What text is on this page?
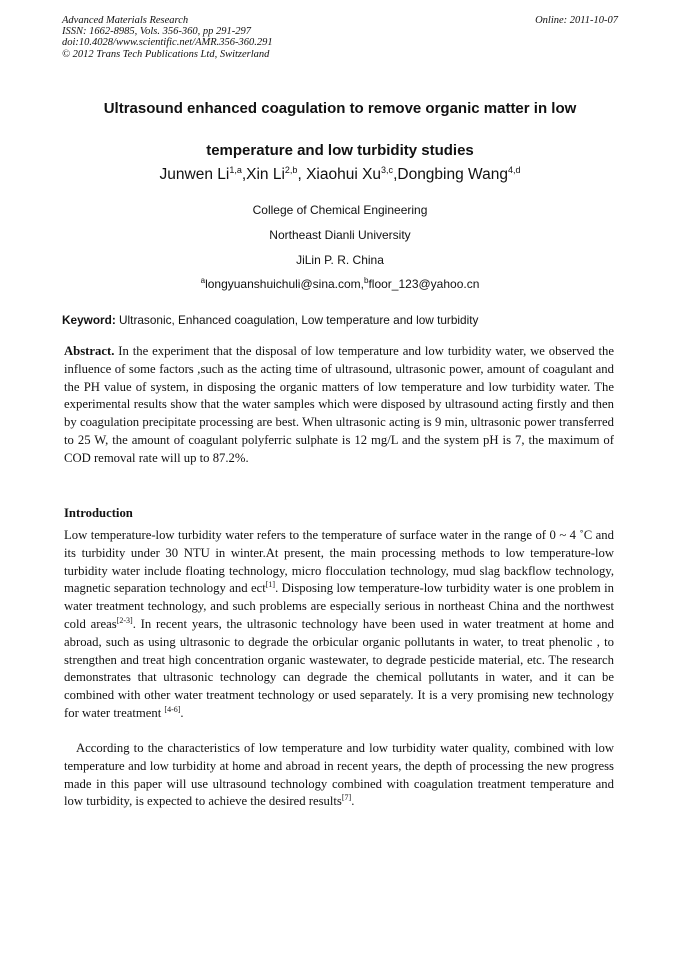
Advanced Materials Research
ISSN: 1662-8985, Vols. 356-360, pp 291-297
doi:10.4028/www.scientific.net/AMR.356-360.291
© 2012 Trans Tech Publications Ltd, Switzerland
Online: 2011-10-07
Ultrasound enhanced coagulation to remove organic matter in low
temperature and low turbidity studies
Junwen Li$^{1,a}$,Xin Li$^{2,b}$, Xiaohui Xu$^{3,c}$,Dongbing Wang$^{4,d}$
College of Chemical Engineering
Northeast Dianli University
JiLin P. R. China
$^a$longyuanshuichuli@sina.com,$^b$floor_123@yahoo.cn
Keyword: Ultrasonic, Enhanced coagulation, Low temperature and low turbidity

Abstract. In the experiment that the disposal of low temperature and low turbidity water, we observed the influence of some factors ,such as the acting time of ultrasound, ultrasonic power, amount of coagulant and the PH value of system, in disposing the organic matters of low temperature and low turbidity water. The experimental results show that the water samples which were disposed by ultrasound acting firstly and then by coagulation precipitate processing are best. When ultrasonic acting is 9 min, ultrasonic power transferred to 25 W, the amount of coagulant polyferric sulphate is 12 mg/L and the system pH is 7, the maximum of COD removal rate will up to 87.2%.

Introduction

Low temperature-low turbidity water refers to the temperature of surface water in the range of 0 ~ 4 ˚C and its turbidity under 30 NTU in winter.At present, the main processing methods to low temperature-low turbidity water include floating technology, micro flocculation technology, mud slag backflow technology, magnetic separation technology and ect[1]. Disposing low temperature-low turbidity water is one problem in water treatment technology, and such problems are especially serious in northeast China and the northwest cold areas[2-3]. In recent years, the ultrasonic technology have been used in water treatment at home and abroad, such as using ultrasonic to degrade the orbicular organic pollutants in water, to treat phenolic , to strengthen and treat high concentration organic wastewater, to degrade pesticide material, etc. The research demonstrates that ultrasonic technology can degrade the chemical pollutants in water, and it can be combined with other water treatment technology or used separately. It is a very promising new technology for water treatment [4-6].

According to the characteristics of low temperature and low turbidity water quality, combined with low temperature and low turbidity at home and abroad in recent years, the depth of processing the new progress made in this paper will use ultrasound technology combined with coagulation treatment temperature and low turbidity, is expected to achieve the desired results[7].
